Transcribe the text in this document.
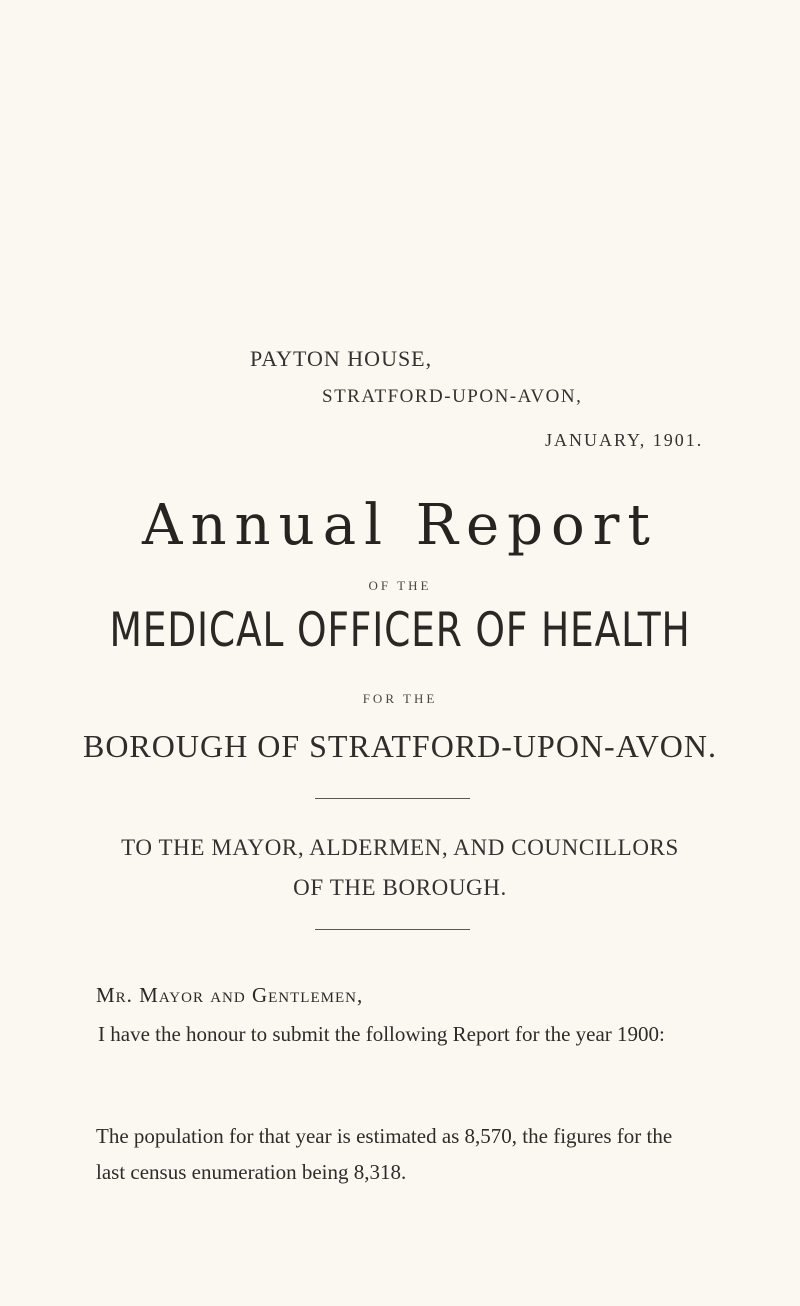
PAYTON HOUSE,
STRATFORD-UPON-AVON,
JANUARY, 1901.
Annual Report
OF THE
MEDICAL OFFICER OF HEALTH
FOR THE
BOROUGH OF STRATFORD-UPON-AVON.
TO THE MAYOR, ALDERMEN, AND COUNCILLORS
OF THE BOROUGH.
Mr. Mayor and Gentlemen,

I have the honour to submit the following Report for the year 1900:

The population for that year is estimated as 8,570, the figures for the last census enumeration being 8,318.
